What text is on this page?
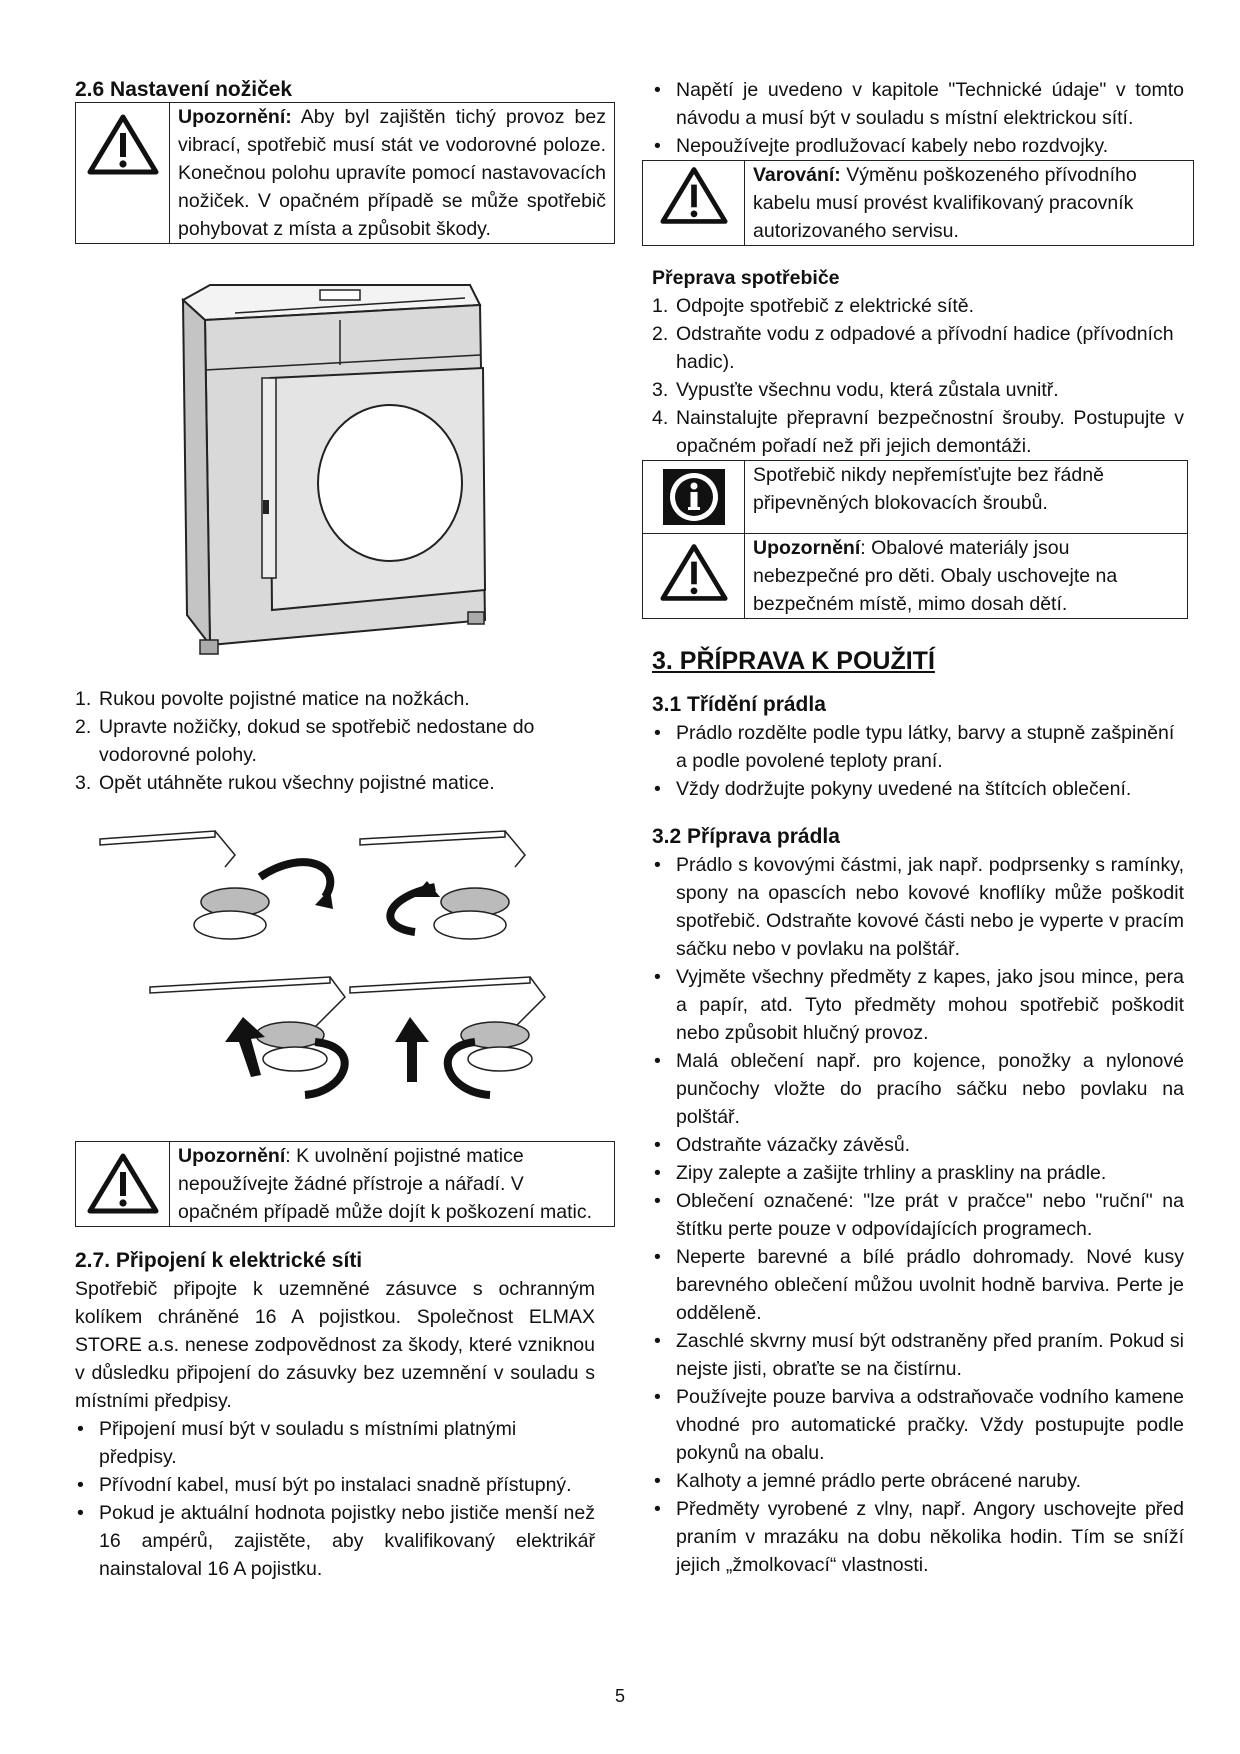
2.6 Nastavení nožiček

Upozornění: Aby byl zajištěn tichý provoz bez vibrací, spotřebič musí stát ve vodorovné poloze. Konečnou polohu upravíte pomocí nastavovacích nožiček. V opačném případě se může spotřebič pohybovat z místa a způsobit škody.

1. Rukou povolte pojistné matice na nožkách.
2. Upravte nožičky, dokud se spotřebič nedostane do vodorovné polohy.
3. Opět utáhněte rukou všechny pojistné matice.

Upozornění: K uvolnění pojistné matice nepoužívejte žádné přístroje a nářadí. V opačném případě může dojít k poškození matic.

2.7. Připojení k elektrické síti

Spotřebič připojte k uzemněné zásuvce s ochranným kolíkem chráněné 16 A pojistkou. Společnost ELMAX STORE a.s. nenese zodpovědnost za škody, které vzniknou v důsledku připojení do zásuvky bez uzemnění v souladu s místními předpisy.

• Připojení musí být v souladu s místními platnými předpisy.
• Přívodní kabel, musí být po instalaci snadně přístupný.
• Pokud je aktuální hodnota pojistky nebo jističe menší než 16 ampérů, zajistěte, aby kvalifikovaný elektrikář nainstaloval 16 A pojistku.
• Napětí je uvedeno v kapitole "Technické údaje" v tomto návodu a musí být v souladu s místní elektrickou sítí.
• Nepoužívejte prodlužovací kabely nebo rozdvojky.

Varování: Výměnu poškozeného přívodního kabelu musí provést kvalifikovaný pracovník autorizovaného servisu.

Přeprava spotřebiče

1. Odpojte spotřebič z elektrické sítě.
2. Odstraňte vodu z odpadové a přívodní hadice (přívodních hadic).
3. Vypusťte všechnu vodu, která zůstala uvnitř.
4. Nainstalujte přepravní bezpečnostní šrouby. Postupujte v opačném pořadí než při jejich demontáži.

Spotřebič nikdy nepřemísťujte bez řádně připevněných blokovacích šroubů.

Upozornění: Obalové materiály jsou nebezpečné pro děti. Obaly uschovejte na bezpečném místě, mimo dosah dětí.

3. PŘÍPRAVA K POUŽITÍ
3.1 Třídění prádla
• Prádlo rozdělte podle typu látky, barvy a stupně zašpinění a podle povolené teploty praní.
• Vždy dodržujte pokyny uvedené na štítcích oblečení.
3.2 Příprava prádla
• Prádlo s kovovými částmi, jak např. podprsenky s ramínky, spony na opascích nebo kovové knoflíky může poškodit spotřebič. Odstraňte kovové části nebo je vyperte v pracím sáčku nebo v povlaku na polštář.
• Vyjměte všechny předměty z kapes, jako jsou mince, pera a papír, atd. Tyto předměty mohou spotřebič poškodit nebo způsobit hlučný provoz.
• Malá oblečení např. pro kojence, ponožky a nylonové punčochy vložte do pracího sáčku nebo povlaku na polštář.
• Odstraňte vázačky závěsů.
• Zipy zalepte a zašijte trhliny a praskliny na prádle.
• Oblečení označené: "lze prát v pračce" nebo "ruční" na štítku perte pouze v odpovídajících programech.
• Neperte barevné a bílé prádlo dohromady. Nové kusy barevného oblečení můžou uvolnit hodně barviva. Perte je odděleně.
• Zaschlé skvrny musí být odstraněny před praním. Pokud si nejste jisti, obraťte se na čistírnu.
• Používejte pouze barviva a odstraňovače vodního kamene vhodné pro automatické pračky. Vždy postupujte podle pokynů na obalu.
• Kalhoty a jemné prádlo perte obrácené naruby.
• Předměty vyrobené z vlny, např. Angory uschovejte před praním v mrazáku na dobu několika hodin. Tím se sníží jejich „žmolkovací“ vlastnosti.
5
